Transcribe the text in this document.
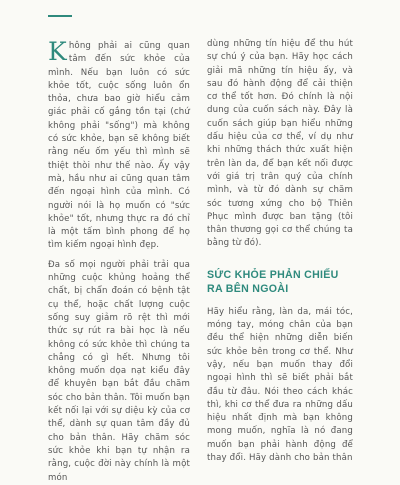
Không phải ai cũng quan tâm đến sức khỏe của mình. Nếu bạn luôn có sức khỏe tốt, cuộc sống luôn ổn thỏa, chưa bao giờ hiểu cảm giác phải cố gắng tồn tại (chứ không phải "sống") mà không có sức khỏe, bạn sẽ không biết rằng nếu ốm yếu thì mình sẽ thiệt thòi như thế nào. Ấy vậy mà, hầu như ai cũng quan tâm đến ngoại hình của mình. Có người nói là họ muốn có "sức khỏe" tốt, nhưng thực ra đó chỉ là một tấm bình phong để họ tìm kiếm ngoại hình đẹp.

Đa số mọi người phải trải qua những cuộc khủng hoảng thể chất, bị chẩn đoán có bệnh tật cụ thể, hoặc chất lượng cuộc sống suy giảm rõ rệt thì mới thức sự rút ra bài học là nếu không có sức khỏe thì chúng ta chẳng có gì hết. Nhưng tôi không muốn dọa nạt kiểu đây để khuyên bạn bắt đầu chăm sóc cho bản thân. Tôi muốn bạn kết nối lại với sự diệu kỳ của cơ thể, dành sự quan tâm đầy đủ cho bản thân. Hãy chăm sóc sức khỏe khi bạn tự nhận ra rằng, cuộc đời này chính là một món

dùng những tín hiệu để thu hút sự chú ý của bạn. Hãy học cách giải mã những tín hiệu ấy, và sau đó hành động để cải thiện cơ thể tốt hơn. Đó chính là nội dung của cuốn sách này. Đây là cuốn sách giúp bạn hiểu những dấu hiệu của cơ thể, ví dụ như khi những thách thức xuất hiện trên làn da, để bạn kết nối được với giá trị trân quý của chính mình, và từ đó dành sự chăm sóc tương xứng cho bộ Thiên Phục mình được ban tặng (tôi thân thương gọi cơ thể chúng ta bằng từ đó).

SỨC KHỎE PHẢN CHIẾU RA BÊN NGOÀI

Hãy hiểu rằng, làn da, mái tóc, móng tay, móng chân của bạn đều thể hiện những diễn biến sức khỏe bên trong cơ thể. Như vậy, nếu bạn muốn thay đổi ngoại hình thì sẽ biết phải bắt đầu từ đâu. Nói theo cách khác thì, khi cơ thể đưa ra những dấu hiệu nhất định mà bạn không mong muốn, nghĩa là nó đang muốn bạn phải hành động để thay đổi. Hãy dành cho bản thân
